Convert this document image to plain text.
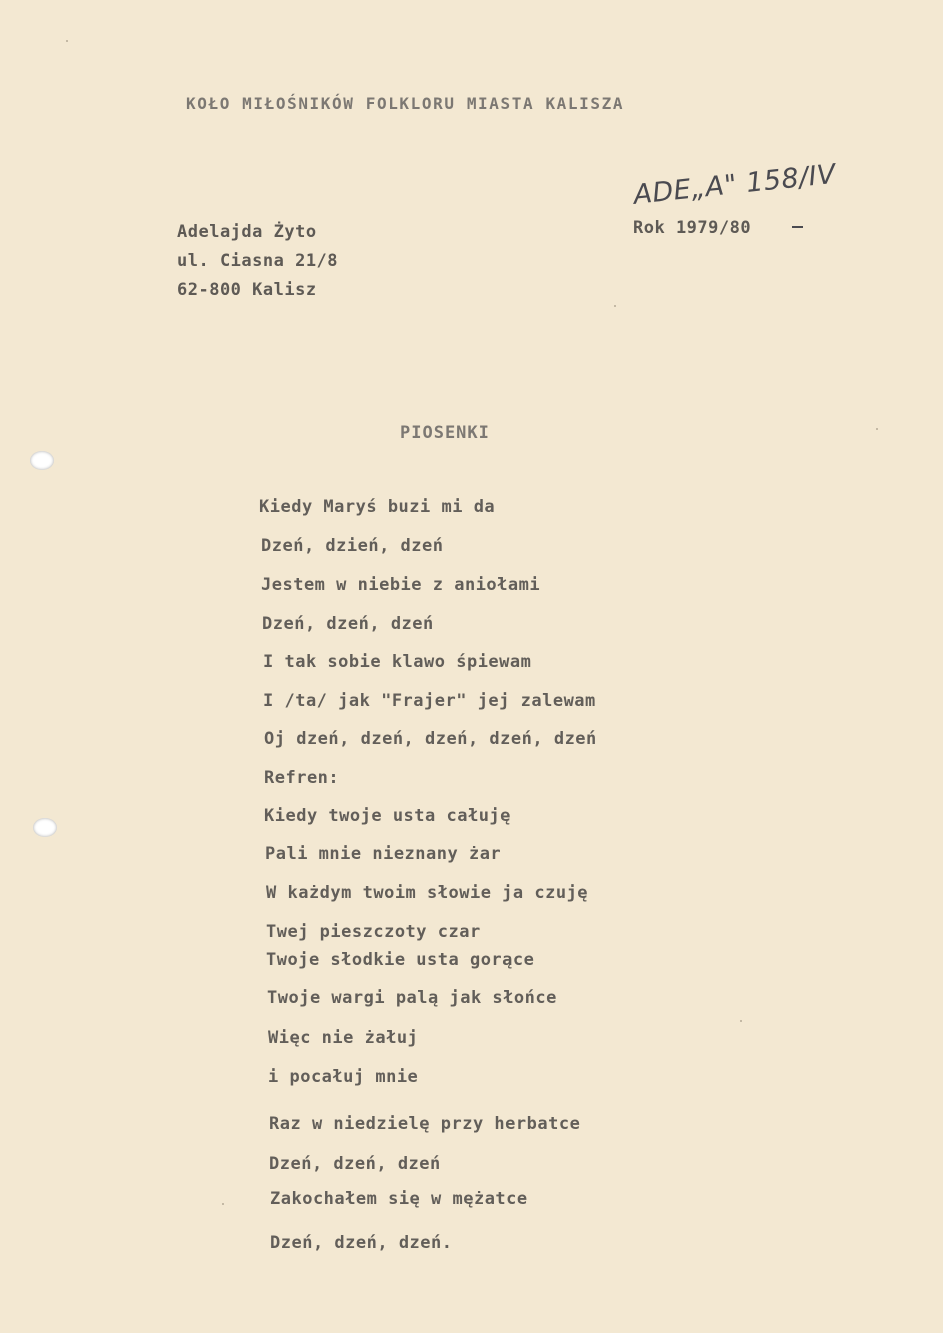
KOŁO MIŁOŚNIKÓW FOLKLORU MIASTA KALISZA
ADE„A" 158/IV
Adelajda Żyto
ul. Ciasna 21/8
62-800 Kalisz
Rok 1979/80
PIOSENKI
Kiedy Maryś buzi mi da
Dzeń, dzień, dzeń
Jestem w niebie z aniołami
Dzeń, dzeń, dzeń
I tak sobie klawo śpiewam
I /ta/ jak "Frajer" jej zalewam
Oj dzeń, dzeń, dzeń, dzeń, dzeń
Refren:
Kiedy twoje usta całuję
Pali mnie nieznany żar
W każdym twoim słowie ja czuję
Twej pieszczoty czar
Twoje słodkie usta gorące
Twoje wargi palą jak słońce
Więc nie żałuj
i pocałuj mnie
Raz w niedzielę przy herbatce
Dzeń, dzeń, dzeń
Zakochałem się w mężatce
Dzeń, dzeń, dzeń.
